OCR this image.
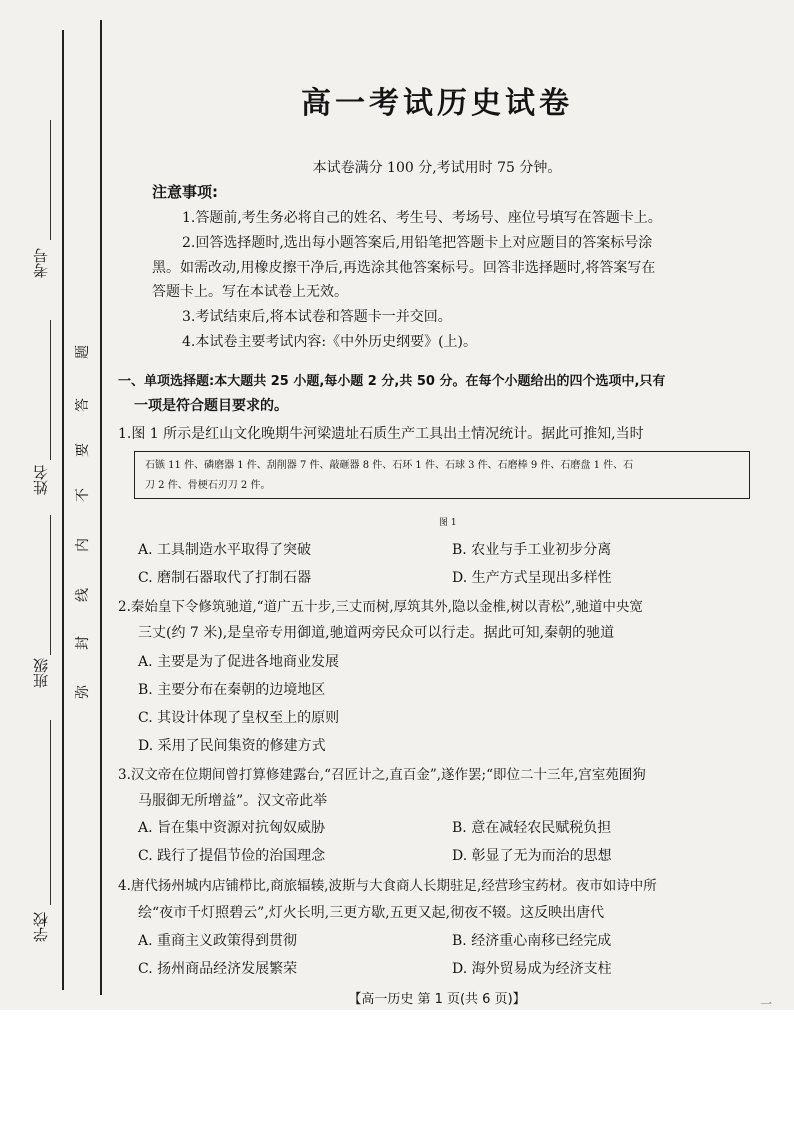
考号
姓名
班级
学校
题
答
要
不
内
线
封
弥
高一考试历史试卷
本试卷满分 100 分,考试用时 75 分钟。
注意事项:
1.答题前,考生务必将自己的姓名、考生号、考场号、座位号填写在答题卡上。
2.回答选择题时,选出每小题答案后,用铅笔把答题卡上对应题目的答案标号涂
黑。如需改动,用橡皮擦干净后,再选涂其他答案标号。回答非选择题时,将答案写在
答题卡上。写在本试卷上无效。
3.考试结束后,将本试卷和答题卡一并交回。
4.本试卷主要考试内容:《中外历史纲要》(上)。
一、单项选择题:本大题共 25 小题,每小题 2 分,共 50 分。在每个小题给出的四个选项中,只有
一项是符合题目要求的。
1.图 1 所示是红山文化晚期牛河梁遗址石质生产工具出土情况统计。据此可推知,当时
石镞 11 件、磷磨器 1 件、刮削器 7 件、敲砸器 8 件、石环 1 件、石球 3 件、石磨棒 9 件、石磨盘 1 件、石
刀 2 件、骨梗石刃刀 2 件。
图 1
A. 工具制造水平取得了突破	B. 农业与手工业初步分离
C. 磨制石器取代了打制石器	D. 生产方式呈现出多样性
2.秦始皇下令修筑驰道,“道广五十步,三丈而树,厚筑其外,隐以金椎,树以青松”,驰道中央宽
三丈(约 7 米),是皇帝专用御道,驰道两旁民众可以行走。据此可知,秦朝的驰道
A. 主要是为了促进各地商业发展
B. 主要分布在秦朝的边境地区
C. 其设计体现了皇权至上的原则
D. 采用了民间集资的修建方式
3.汉文帝在位期间曾打算修建露台,“召匠计之,直百金”,遂作罢;“即位二十三年,宫室苑囿狗
马服御无所增益”。汉文帝此举
A. 旨在集中资源对抗匈奴威胁	B. 意在减轻农民赋税负担
C. 践行了提倡节俭的治国理念	D. 彰显了无为而治的思想
4.唐代扬州城内店铺栉比,商旅辐辏,波斯与大食商人长期驻足,经营珍宝药材。夜市如诗中所
绘“夜市千灯照碧云”,灯火长明,三更方歇,五更又起,彻夜不辍。这反映出唐代
A. 重商主义政策得到贯彻	B. 经济重心南移已经完成
C. 扬州商品经济发展繁荣	D. 海外贸易成为经济支柱
【高一历史 第 1 页(共 6 页)】	一
